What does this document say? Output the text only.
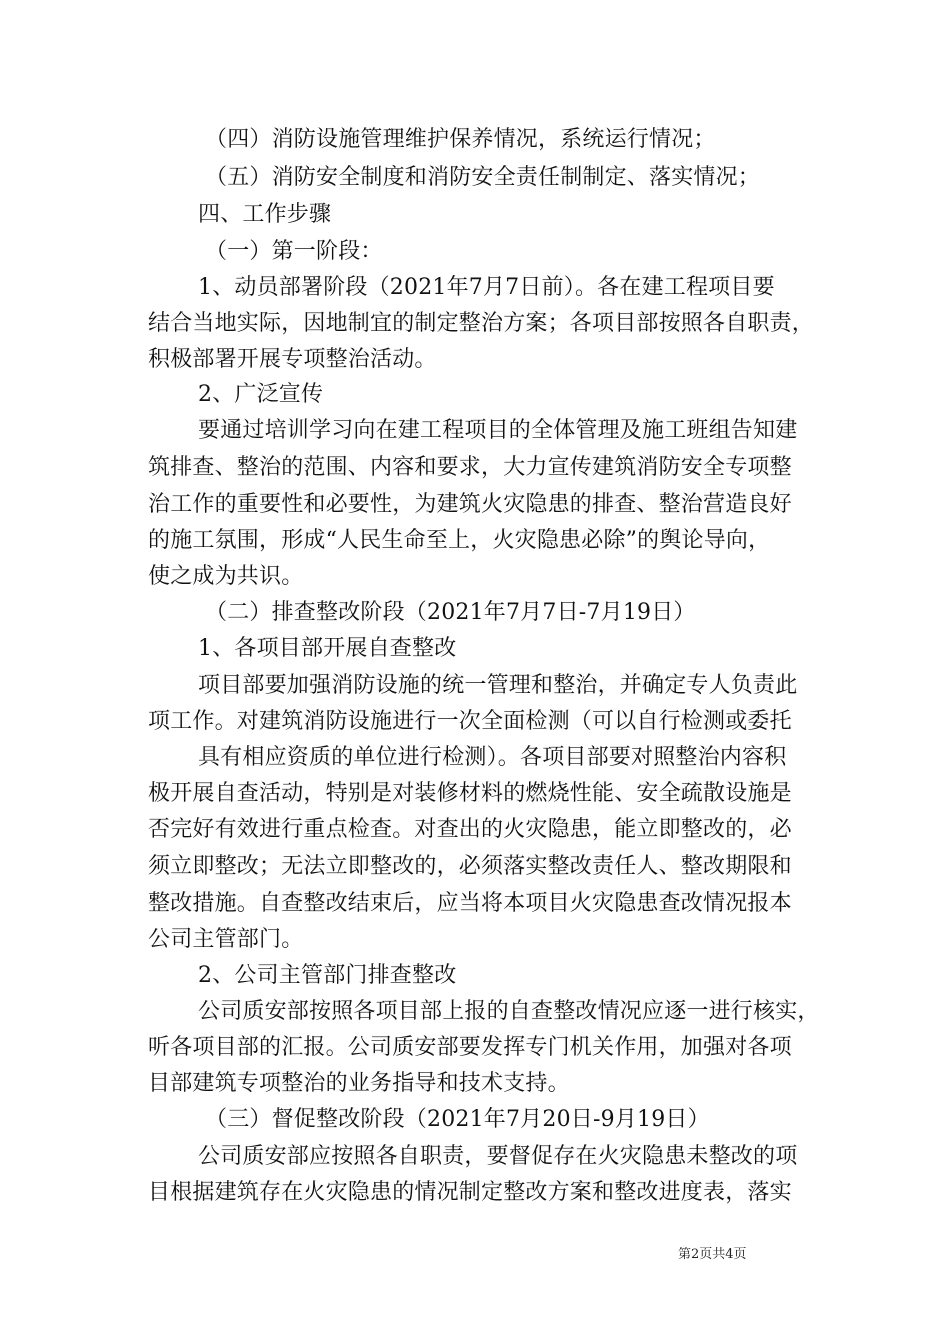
（四）消防设施管理维护保养情况，系统运行情况；
（五）消防安全制度和消防安全责任制制定、落实情况；
四、工作步骤
（一）第一阶段：
1、动员部署阶段（2021年7月7日前）。各在建工程项目要
结合当地实际，因地制宜的制定整治方案；各项目部按照各自职责，
积极部署开展专项整治活动。
2、广泛宣传
要通过培训学习向在建工程项目的全体管理及施工班组告知建
筑排查、整治的范围、内容和要求，大力宣传建筑消防安全专项整
治工作的重要性和必要性，为建筑火灾隐患的排查、整治营造良好
的施工氛围，形成“人民生命至上，火灾隐患必除”的舆论导向，
使之成为共识。
（二）排查整改阶段（2021年7月7日-7月19日）
1、各项目部开展自查整改
项目部要加强消防设施的统一管理和整治，并确定专人负责此
项工作。对建筑消防设施进行一次全面检测（可以自行检测或委托
具有相应资质的单位进行检测）。各项目部要对照整治内容积
极开展自查活动，特别是对装修材料的燃烧性能、安全疏散设施是
否完好有效进行重点检查。对查出的火灾隐患，能立即整改的，必
须立即整改；无法立即整改的，必须落实整改责任人、整改期限和
整改措施。自查整改结束后，应当将本项目火灾隐患查改情况报本
公司主管部门。
2、公司主管部门排查整改
公司质安部按照各项目部上报的自查整改情况应逐一进行核实，
听各项目部的汇报。公司质安部要发挥专门机关作用，加强对各项
目部建筑专项整治的业务指导和技术支持。
（三）督促整改阶段（2021年7月20日-9月19日）
公司质安部应按照各自职责，要督促存在火灾隐患未整改的项
目根据建筑存在火灾隐患的情况制定整改方案和整改进度表，落实
第2页共4页
